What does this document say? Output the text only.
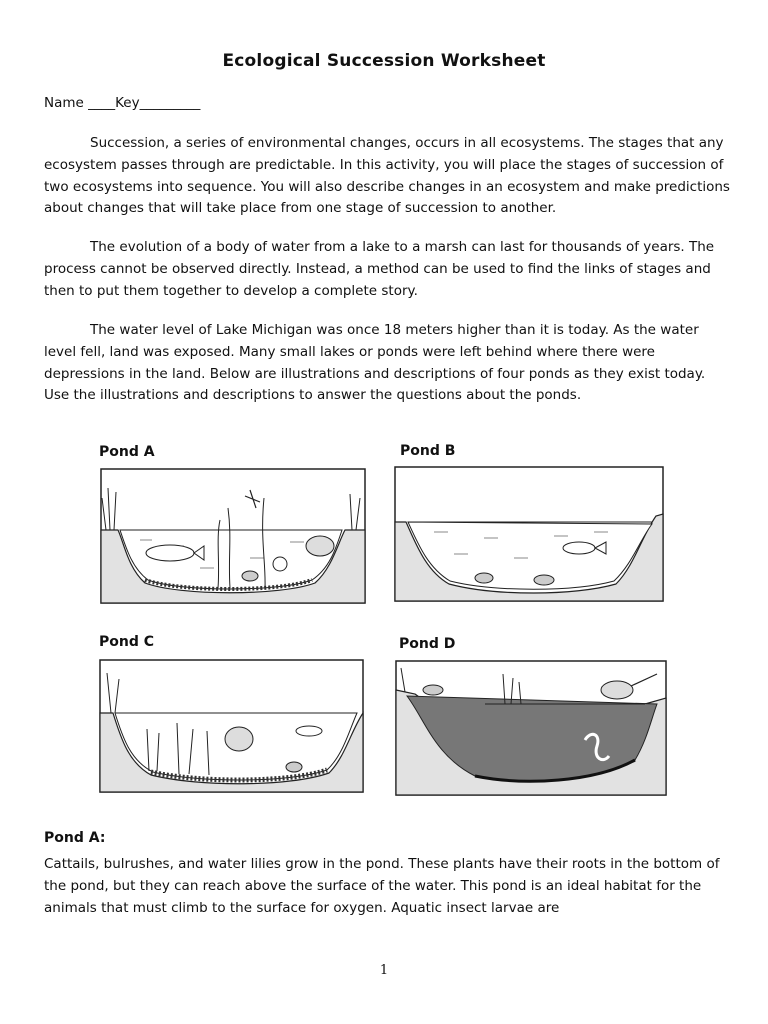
Ecological Succession Worksheet
Name ____Key_________

Succession, a series of environmental changes, occurs in all ecosystems. The stages that any ecosystem passes through are predictable. In this activity, you will place the stages of succession of two ecosystems into sequence. You will also describe changes in an ecosystem and make predictions about changes that will take place from one stage of succession to another.

The evolution of a body of water from a lake to a marsh can last for thousands of years. The process cannot be observed directly. Instead, a method can be used to find the links of stages and then to put them together to develop a complete story.

The water level of Lake Michigan was once 18 meters higher than it is today. As the water level fell, land was exposed. Many small lakes or ponds were left behind where there were depressions in the land. Below are illustrations and descriptions of four ponds as they exist today. Use the illustrations and descriptions to answer the questions about the ponds.

Pond A	Pond B
Pond C	Pond D
Pond A:

Cattails, bulrushes, and water lilies grow in the pond. These plants have their roots in the bottom of the pond, but they can reach above the surface of the water. This pond is an ideal habitat for the animals that must climb to the surface for oxygen. Aquatic insect larvae are

1
